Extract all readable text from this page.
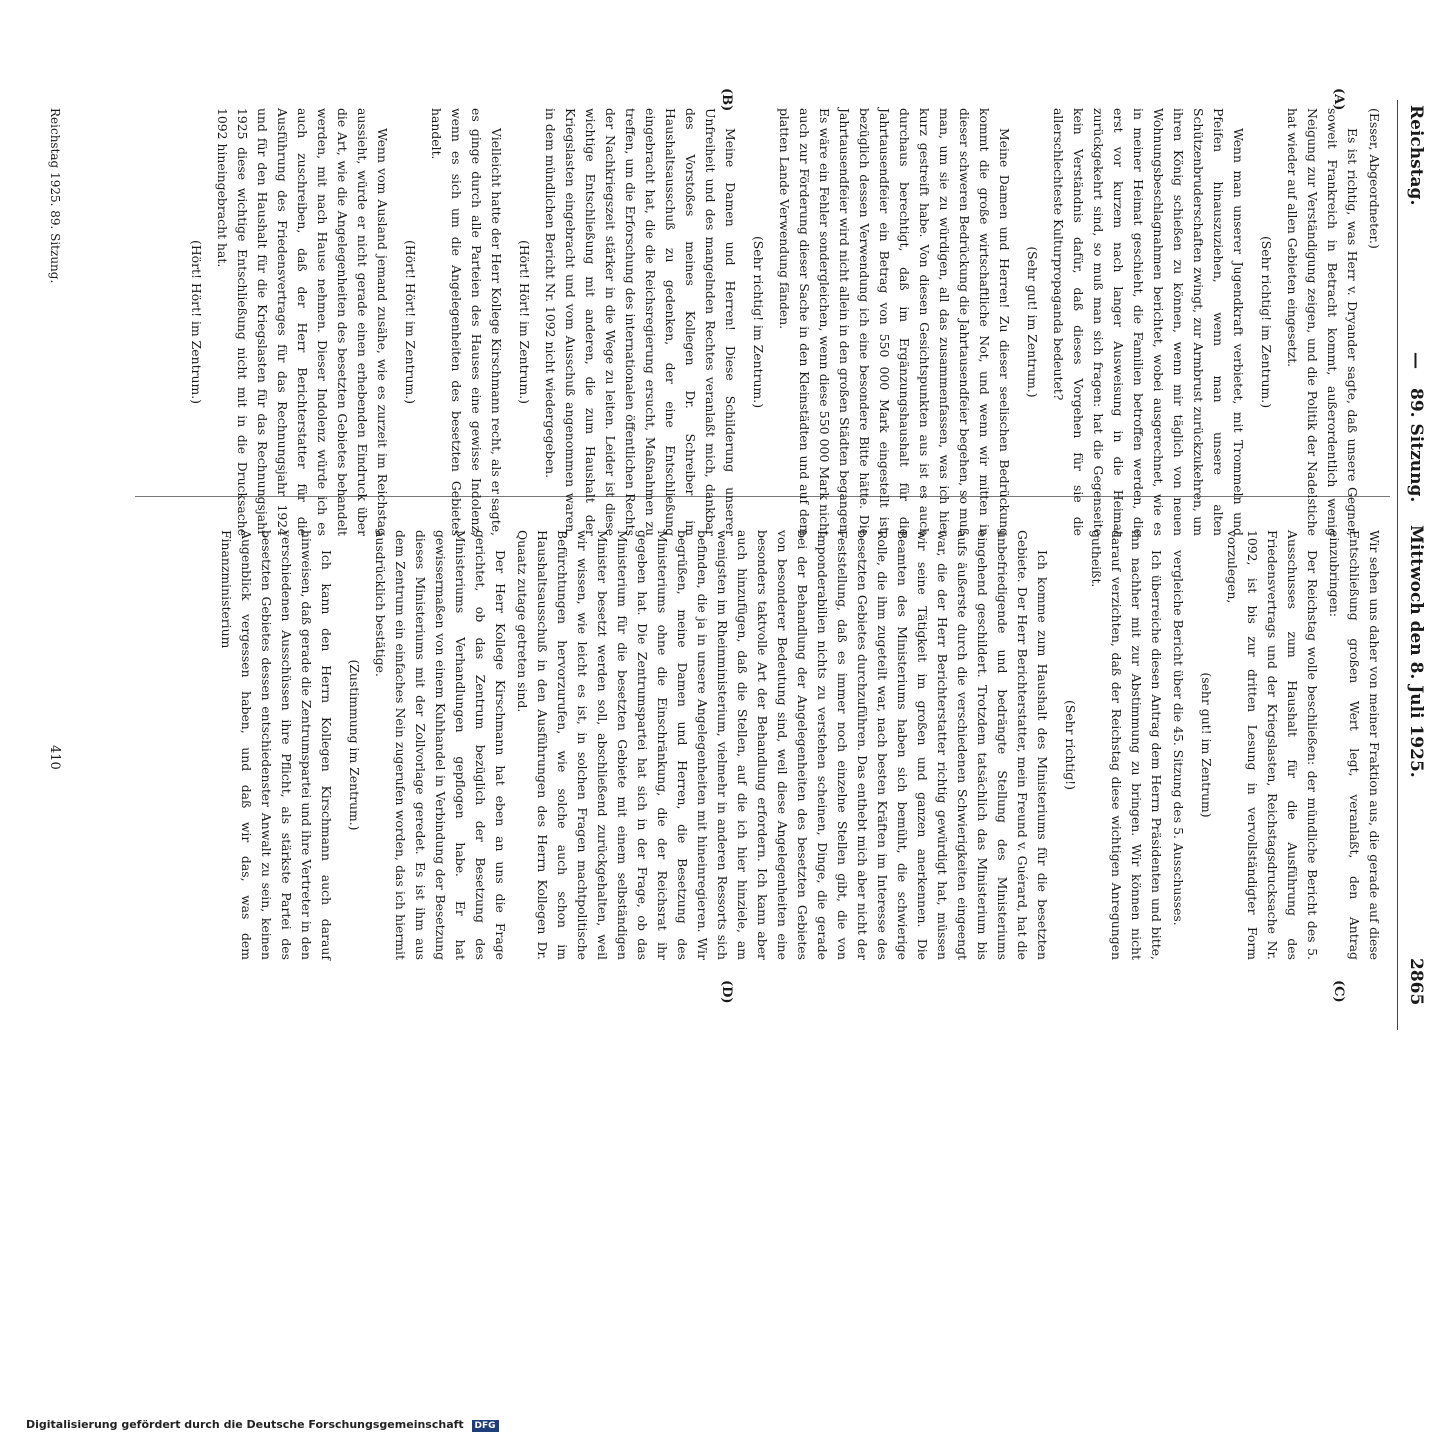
Reichstag.
—
89. Sitzung.
Mittwoch den 8. Juli 1925.
2865
(A)
(B)
(C)
(D)
(Esser, Abgeordneter.)
Es ist richtig, was Herr v. Dryander sagte, daß unsere Gegner, soweit Frankreich in Betracht kommt, außerordentlich wenig Neigung zur Verständigung zeigen, und die Politik der Nadelstiche hat wieder auf allen Gebieten eingesetzt.
(Sehr richtig! im Zentrum.)
Wenn man unserer Jugendkraft verbietet, mit Trommeln und Pfeifen hinauszuziehen, wenn man unsere alten Schützenbruderschaften zwingt, zur Armbrust zurückzukehren, um ihren König schießen zu können, wenn mir täglich von neuen Wohnungsbeschlagnahmen berichtet, wobei ausgerechnet, wie es in meiner Heimat geschieht, die Familien betroffen werden, die erst vor kurzem nach langer Ausweisung in die Heimat zurückgekehrt sind, so muß man sich fragen: hat die Gegenseite kein Verständnis dafür, daß dieses Vorgehen für sie die allerschlechteste Kulturpropaganda bedeutet?
(Sehr gut! im Zentrum.)
Meine Damen und Herren! Zu dieser seelischen Bedrückung kommt die große wirtschaftliche Not, und wenn wir mitten in dieser schweren Bedrückung die Jahrtausendfeier begehen, so muß man, um sie zu würdigen, all das zusammenfassen, was ich hier kurz gestreift habe. Von diesen Gesichtspunkten aus ist es auch durchaus berechtigt, daß im Ergänzungshaushalt für die Jahrtausendfeier ein Betrag von 550 000 Mark eingestellt ist, bezüglich dessen Verwendung ich eine besondere Bitte hätte. Die Jahrtausendfeier wird nicht allein in den großen Städten begangen. Es wäre ein Fehler sondergleichen, wenn diese 550 000 Mark nicht auch zur Förderung dieser Sache in den Kleinstädten und auf dem platten Lande Verwendung fänden.
(Sehr richtig! im Zentrum.)
Meine Damen und Herren! Diese Schilderung unserer Unfreiheit und des mangelnden Rechtes veranlaßt mich, dankbar des Vorstoßes meines Kollegen Dr. Schreiber im Haushaltsausschuß zu gedenken, der eine Entschließung eingebracht hat, die die Reichsregierung ersucht, Maßnahmen zu treffen, um die Erforschung des internationalen öffentlichen Rechts der Nachkriegszeit stärker in die Wege zu leiten. Leider ist diese wichtige Entschließung mit anderen, die zum Haushalt der Kriegslasten eingebracht und vom Ausschuß angenommen waren, in dem mündlichen Bericht Nr. 1092 nicht wiedergegeben.
(Hört! Hört! im Zentrum.)
Vielleicht hatte der Herr Kollege Kirschmann recht, als er sagte, es ginge durch alle Parteien des Hauses eine gewisse Indolenz, wenn es sich um die Angelegenheiten des besetzten Gebietes handelt.
(Hört! Hört! im Zentrum.)
Wenn vom Ausland jemand zusähe, wie es zurzeit im Reichstag aussieht, würde er nicht gerade einen erhebenden Eindruck über die Art, wie die Angelegenheiten des besetzten Gebietes behandelt werden, mit nach Hause nehmen. Dieser Indolenz würde ich es auch zuschreiben, daß der Herr Berichterstatter für die Ausführung des Friedensvertrages für das Rechnungsjahr 1924 und für den Haushalt für die Kriegslasten für das Rechnungsjahr 1925 diese wichtige Entschließung nicht mit in die Drucksache 1092 hineingebracht hat.
(Hört! Hört! im Zentrum.)
Wir sehen uns daher von meiner Fraktion aus, die gerade auf diese Entschließung großen Wert legt, veranlaßt, den Antrag einzubringen:
Der Reichstag wolle beschließen: der mündliche Bericht des 5. Ausschusses zum Haushalt für die Ausführung des Friedensvertrags und der Kriegslasten, Reichstagsdrucksache Nr. 1092, ist bis zur dritten Lesung in vervollständigter Form vorzulegen,
(sehr gut! im Zentrum)
vergleiche Bericht über die 45. Sitzung des 5. Ausschusses.
Ich überreiche diesen Antrag dem Herrn Präsidenten und bitte, ihn nachher mit zur Abstimmung zu bringen. Wir können nicht darauf verzichten, daß der Reichstag diese wichtigen Anregungen gutheißt.
(Sehr richtig!)
Ich komme zum Haushalt des Ministeriums für die besetzten Gebiete. Der Herr Berichterstatter, mein Freund v. Guérard, hat die unbefriedigende und bedrängte Stellung des Ministeriums eingehend geschildert. Trotzdem tatsächlich das Ministerium bis aufs äußerste durch die verschiedenen Schwierigkeiten eingeengt war, die der Herr Berichterstatter richtig gewürdigt hat, müssen wir seine Tätigkeit im großen und ganzen anerkennen. Die Beamten des Ministeriums haben sich bemüht, die schwierige Rolle, die ihm zugeteilt war, nach besten Kräften im Interesse des besetzten Gebietes durchzuführen. Das enthebt mich aber nicht der Feststellung, daß es immer noch einzelne Stellen gibt, die von Imponderabilien nichts zu verstehen scheinen, Dinge, die gerade bei der Behandlung der Angelegenheiten des besetzten Gebietes von besonderer Bedeutung sind, weil diese Angelegenheiten eine besonders taktvolle Art der Behandlung erfordern. Ich kann aber auch hinzufügen, daß die Stellen, auf die ich hier hinziele, am wenigsten im Rheinministerium, vielmehr in anderen Ressorts sich befinden, die ja in unsere Angelegenheiten mit hineinregieren. Wir begrüßen, meine Damen und Herren, die Besetzung des Ministeriums ohne die Einschränkung, die der Reichsrat ihr gegeben hat. Die Zentrumspartei hat sich in der Frage, ob das Ministerium für die besetzten Gebiete mit einem selbständigen Minister besetzt werden soll, abschließend zurückgehalten, weil wir wissen, wie leicht es ist, in solchen Fragen machtpolitische Befürchtungen hervorzurufen, wie solche auch schon im Haushaltsausschuß in den Ausführungen des Herrn Kollegen Dr. Quaatz zutage getreten sind.
Der Herr Kollege Kirschmann hat eben an uns die Frage gerichtet, ob das Zentrum bezüglich der Besetzung des Ministeriums Verhandlungen gepflogen habe. Er hat gewissermaßen von einem Kuhhandel in Verbindung der Besetzung dieses Ministeriums mit der Zollvorlage geredet. Es ist ihm aus dem Zentrum ein einfaches Nein zugerufen worden, das ich hiermit ausdrücklich bestätige.
(Zustimmung im Zentrum.)
Ich kann den Herrn Kollegen Kirschmann auch darauf hinweisen, daß gerade die Zentrumspartei und ihre Vertreter in den verschiedenen Ausschüssen ihre Pflicht, als stärkste Partei des besetzten Gebietes dessen entschiedenster Anwalt zu sein, keinen Augenblick vergessen haben, und daß wir das, was dem Finanzministerium
Reichstag 1925. 89. Sitzung.
410
Digitalisierung gefördert durch die Deutsche Forschungsgemeinschaft DFG
